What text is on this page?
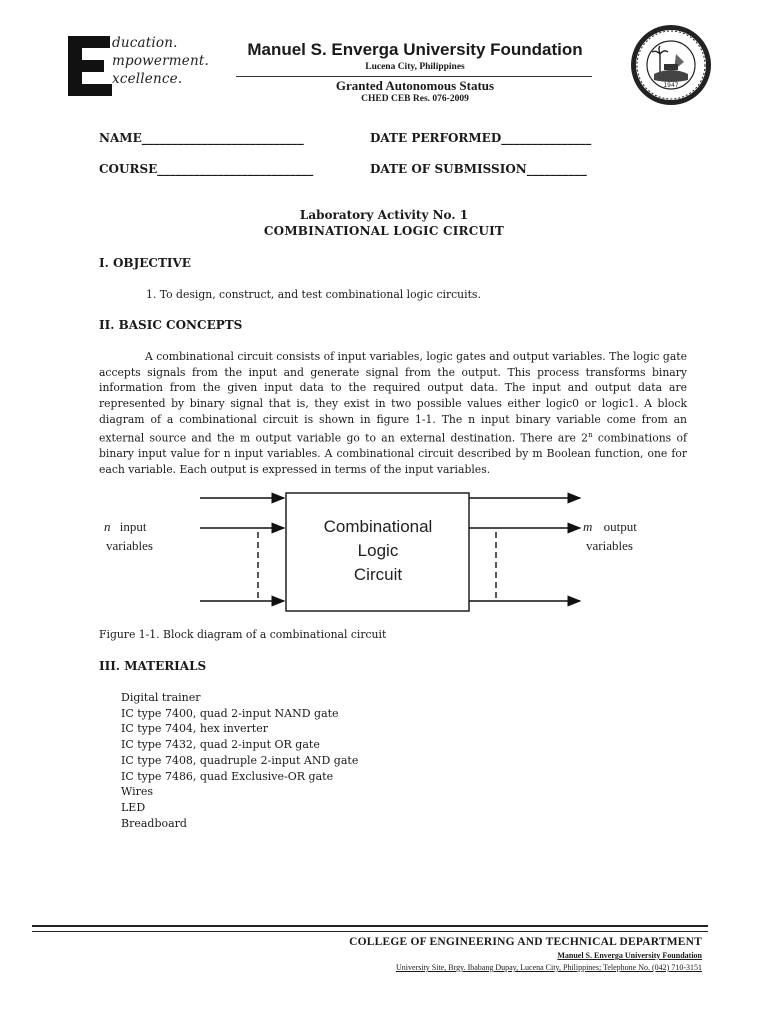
ducation.
mpowerment.
xcellence.
Manuel S. Enverga University Foundation
Lucena City, Philippines
Granted Autonomous Status
CHED CEB Res. 076-2009
1947
NAME___________________________	DATE PERFORMED_______________
COURSE__________________________	DATE OF SUBMISSION__________
Laboratory Activity No. 1
COMBINATIONAL LOGIC CIRCUIT
I. OBJECTIVE
1. To design, construct, and test combinational logic circuits.
II. BASIC CONCEPTS

A combinational circuit consists of input variables, logic gates and output variables. The logic gate accepts signals from the input and generate signal from the output. This process transforms binary information from the given input data to the required output data. The input and output data are represented by binary signal that is, they exist in two possible values either logic0 or logic1. A block diagram of a combinational circuit is shown in figure 1-1. The n input binary variable come from an external source and the m output variable go to an external destination. There are 2$^n$ combinations of binary input value for n input variables. A combinational circuit described by m Boolean function, one for each variable. Each output is expressed in terms of the input variables.

Combinational
Logic
Circuit
n input
variables
m output
variables
Figure 1-1. Block diagram of a combinational circuit
III. MATERIALS
Digital trainer
IC type 7400, quad 2-input NAND gate
IC type 7404, hex inverter
IC type 7432, quad 2-input OR gate
IC type 7408, quadruple 2-input AND gate
IC type 7486, quad Exclusive-OR gate
Wires
LED
Breadboard
COLLEGE OF ENGINEERING AND TECHNICAL DEPARTMENT
Manuel S. Enverga University Foundation
University Site, Brgy. Ibabang Dupay, Lucena City, Philippines; Telephone No. (042) 710-3151
